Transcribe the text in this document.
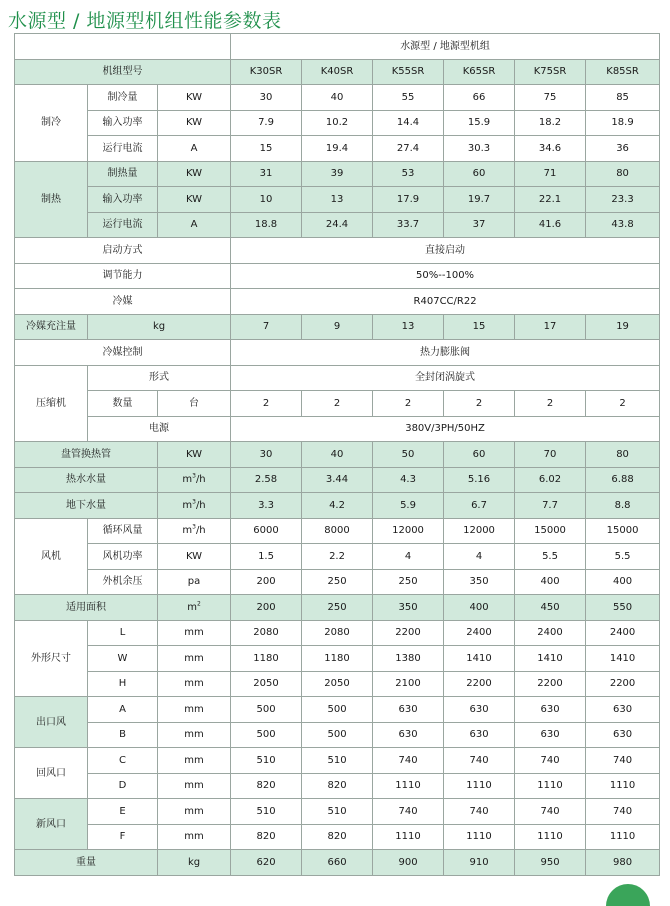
水源型 / 地源型机组性能参数表
			水源型 / 地源型机组					
机组型号			K30SR	K40SR	K55SR	K65SR	K75SR	K85SR
制冷	制冷量	KW	30	40	55	66	75	85
	输入功率	KW	7.9	10.2	14.4	15.9	18.2	18.9
	运行电流	A	15	19.4	27.4	30.3	34.6	36
制热	制热量	KW	31	39	53	60	71	80
	输入功率	KW	10	13	17.9	19.7	22.1	23.3
	运行电流	A	18.8	24.4	33.7	37	41.6	43.8
启动方式			直接启动					
调节能力			50%--100%					
冷媒			R407CC/R22					
冷媒充注量	kg		7	9	13	15	17	19
冷媒控制			热力膨胀阀					
压缩机	形式		全封闭涡旋式					
	数量	台	2	2	2	2	2	2
	电源		380V/3PH/50HZ					
盘管换热管		KW	30	40	50	60	70	80
热水水量		$m^3/h$	2.58	3.44	4.3	5.16	6.02	6.88
地下水量		$m^3/h$	3.3	4.2	5.9	6.7	7.7	8.8
风机	循环风量	$m^3/h$	6000	8000	12000	12000	15000	15000
	风机功率	KW	1.5	2.2	4	4	5.5	5.5
	外机余压	pa	200	250	250	350	400	400
适用面积		$m^2$	200	250	350	400	450	550
外形尺寸	L	mm	2080	2080	2200	2400	2400	2400
	W	mm	1180	1180	1380	1410	1410	1410
	H	mm	2050	2050	2100	2200	2200	2200
出口风	A	mm	500	500	630	630	630	630
	B	mm	500	500	630	630	630	630
回风口	C	mm	510	510	740	740	740	740
	D	mm	820	820	1110	1110	1110	1110
新风口	E	mm	510	510	740	740	740	740
	F	mm	820	820	1110	1110	1110	1110
重量		kg	620	660	900	910	950	980
